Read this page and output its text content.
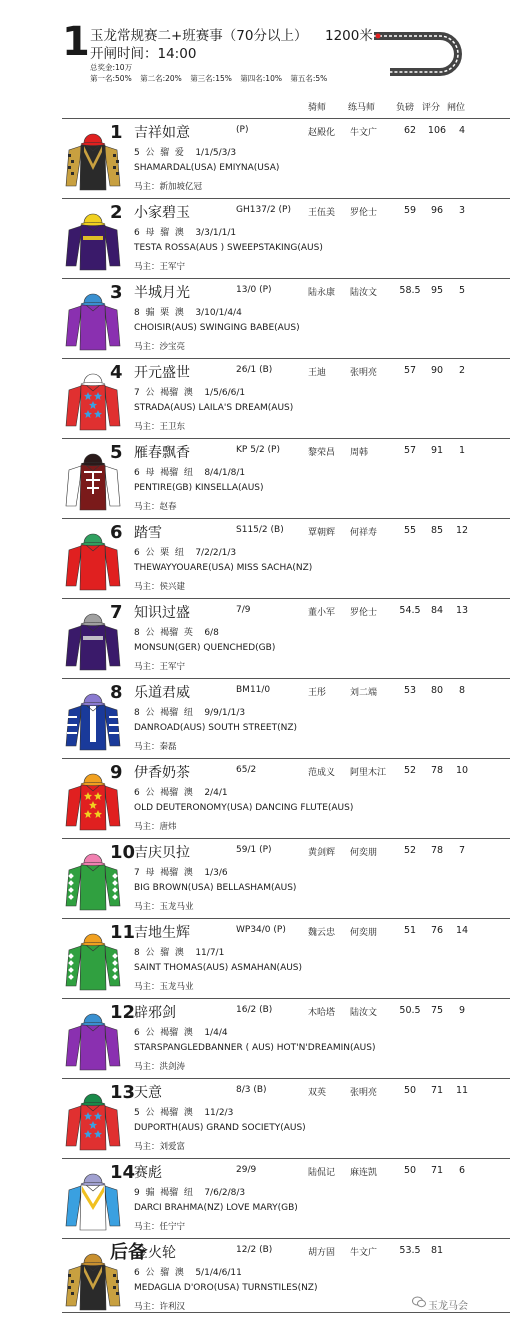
1 玉龙常规赛二+班赛事（70分以上） 1200米
开闸时间：14:00
总奖金:10万
第一名:50% 第二名:20% 第三名:15% 第四名:10% 第五名:5%
骑师 练马师 负磅 评分 闸位
1 吉祥如意	(P)	赵殿化 牛文广	62	106	4
5  公  骝  爱    1/1/5/3/3
SHAMARDAL(USA) EMIYNA(USA)
马主：新加坡亿冠
2 小家碧玉	GH137/2 (P) 王伍美 罗伦士	59	96	3
6  母  骝  澳    3/3/1/1/1
TESTA ROSSA(AUS ) SWEEPSTAKING(AUS)
马主：王军宁
3 半城月光	13/0 (P)	陆永康 陆汝文	58.5	95	5
8  骟  栗  澳    3/10/1/4/4
CHOISIR(AUS) SWINGING BABE(AUS)
马主：沙宝亮
4 开元盛世	26/1 (B)	王迪	张明亮	57	90	2
7  公  褐骝  澳    1/5/6/6/1
STRADA(AUS) LAILA'S DREAM(AUS)
马主：王卫东
5 雁春飘香	KP 5/2 (P)	黎荣昌 周韩	57	91	1
6  母  褐骝  纽    8/4/1/8/1
PENTIRE(GB) KINSELLA(AUS)
马主：赵春
6 踏雪	S115/2 (B)	覃朝辉 何祥寿	55	85	12
6  公  栗  纽    7/2/2/1/3
THEWAYYOUARE(USA) MISS SACHA(NZ)
马主：侯兴建
7 知识过盛	7/9	董小军 罗伦士	54.5	84	13
8  公  褐骝  英    6/8
MONSUN(GER) QUENCHED(GB)
马主：王军宁
8 乐道君威	BM11/0	王彤	刘二端	53	80	8
8  公  褐骝  纽    9/9/1/1/3
DANROAD(AUS) SOUTH STREET(NZ)
马主：秦磊
9 伊香奶茶	65/2	范成义 阿里木江	52	78	10
6  公  褐骝  澳    2/4/1
OLD DEUTERONOMY(USA) DANCING FLUTE(AUS)
马主：唐炜
10
吉庆贝拉	59/1 (P)	黄剑辉 何奕朋	52	78	7
7  母  褐骝  澳    1/3/6
BIG BROWN(USA) BELLASHAM(AUS)
马主：玉龙马业
11
吉地生辉	WP34/0 (P) 魏云忠 何奕朋	51	76	14
8  公  骝  澳    11/7/1
SAINT THOMAS(AUS) ASMAHAN(AUS)
马主：玉龙马业
12
辟邪剑	16/2 (B)	木哈塔 陆汝文	50.5	75	9
6  公  褐骝  澳    1/4/4
STARSPANGLEDBANNER ( AUS) HOT'N'DREAMIN(AUS)
马主：洪剑涛
13
天意	8/3 (B)	双英	张明亮	50	71	11
5  公  褐骝  澳    11/2/3
DUPORTH(AUS) GRAND SOCIETY(AUS)
马主：刘爱富
14
赛彪	29/9	陆侃记 麻连凯	50	71	6
9  骟  褐骝  纽    7/6/2/8/3
DARCI BRAHMA(NZ) LOVE MARY(GB)
马主：任宁宁
后备
金火轮	12/2 (B)	胡方固 牛文广	53.5	81
6  公  骝  澳    5/1/4/6/11
MEDAGLIA D'ORO(USA) TURNSTILES(NZ)
马主：许利汉	玉龙马会
